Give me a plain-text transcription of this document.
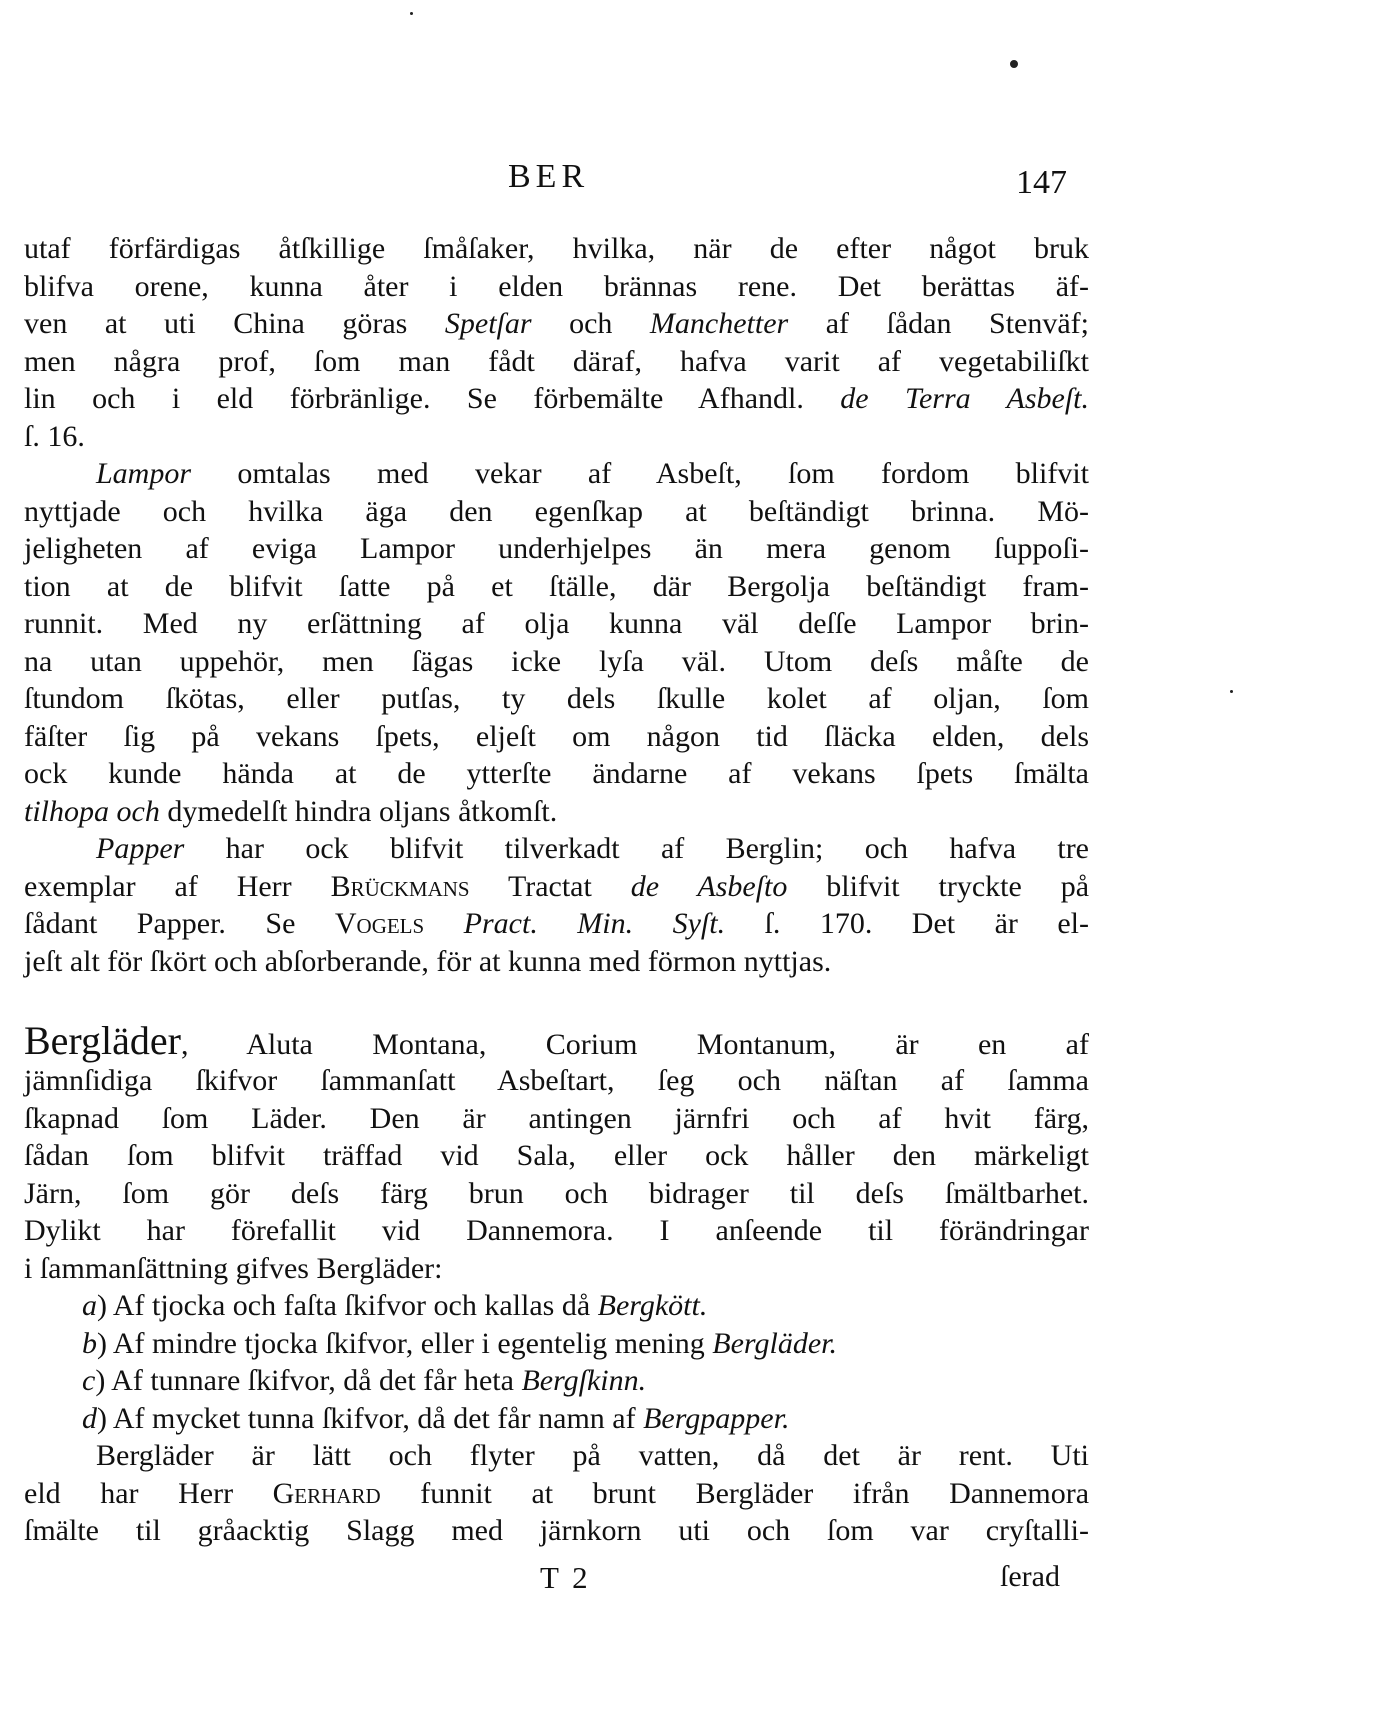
BER	147
utaf förfärdigas åtſkillige ſmåſaker, hvilka, när de efter något bruk
blifva orene, kunna åter i elden brännas rene. Det berättas äf-
ven at uti China göras Spetſar och Manchetter af ſådan Stenväf;
men några prof, ſom man fådt däraf, hafva varit af vegetabiliſkt
lin och i eld förbränlige. Se förbemälte Afhandl. de Terra Asbeſt.
ſ. 16.
Lampor omtalas med vekar af Asbeſt, ſom fordom blifvit
nyttjade och hvilka äga den egenſkap at beſtändigt brinna. Mö-
jeligheten af eviga Lampor underhjelpes än mera genom ſuppoſi-
tion at de blifvit ſatte på et ſtälle, där Bergolja beſtändigt fram-
runnit. Med ny erſättning af olja kunna väl deſſe Lampor brin-
na utan uppehör, men ſägas icke lyſa väl. Utom deſs måſte de
ſtundom ſkötas, eller putſas, ty dels ſkulle kolet af oljan, ſom
fäſter ſig på vekans ſpets, eljeſt om någon tid ſläcka elden, dels
ock kunde hända at de ytterſte ändarne af vekans ſpets ſmälta
tilhopa och dymedelſt hindra oljans åtkomſt.
Papper har ock blifvit tilverkadt af Berglin; och hafva tre
exemplar af Herr Brückmans Tractat de Asbeſto blifvit tryckte på
ſådant Papper. Se Vogels Pract. Min. Syſt. ſ. 170. Det är el-
jeſt alt för ſkört och abſorberande, för at kunna med förmon nyttjas.
Bergläder, Aluta Montana, Corium Montanum, är en af
jämnſidiga ſkifvor ſammanſatt Asbeſtart, ſeg och näſtan af ſamma
ſkapnad ſom Läder. Den är antingen järnfri och af hvit färg,
ſådan ſom blifvit träffad vid Sala, eller ock håller den märkeligt
Järn, ſom gör deſs färg brun och bidrager til deſs ſmältbarhet.
Dylikt har förefallit vid Dannemora. I anſeende til förändringar
i ſammanſättning gifves Bergläder:
a) Af tjocka och faſta ſkifvor och kallas då Bergkött.
b) Af mindre tjocka ſkifvor, eller i egentelig mening Bergläder.
c) Af tunnare ſkifvor, då det får heta Bergſkinn.
d) Af mycket tunna ſkifvor, då det får namn af Bergpapper.
Bergläder är lätt och flyter på vatten, då det är rent. Uti
eld har Herr Gerhard funnit at brunt Bergläder ifrån Dannemora
ſmälte til gråacktig Slagg med järnkorn uti och ſom var cryſtalli-
T 2	ſerad
